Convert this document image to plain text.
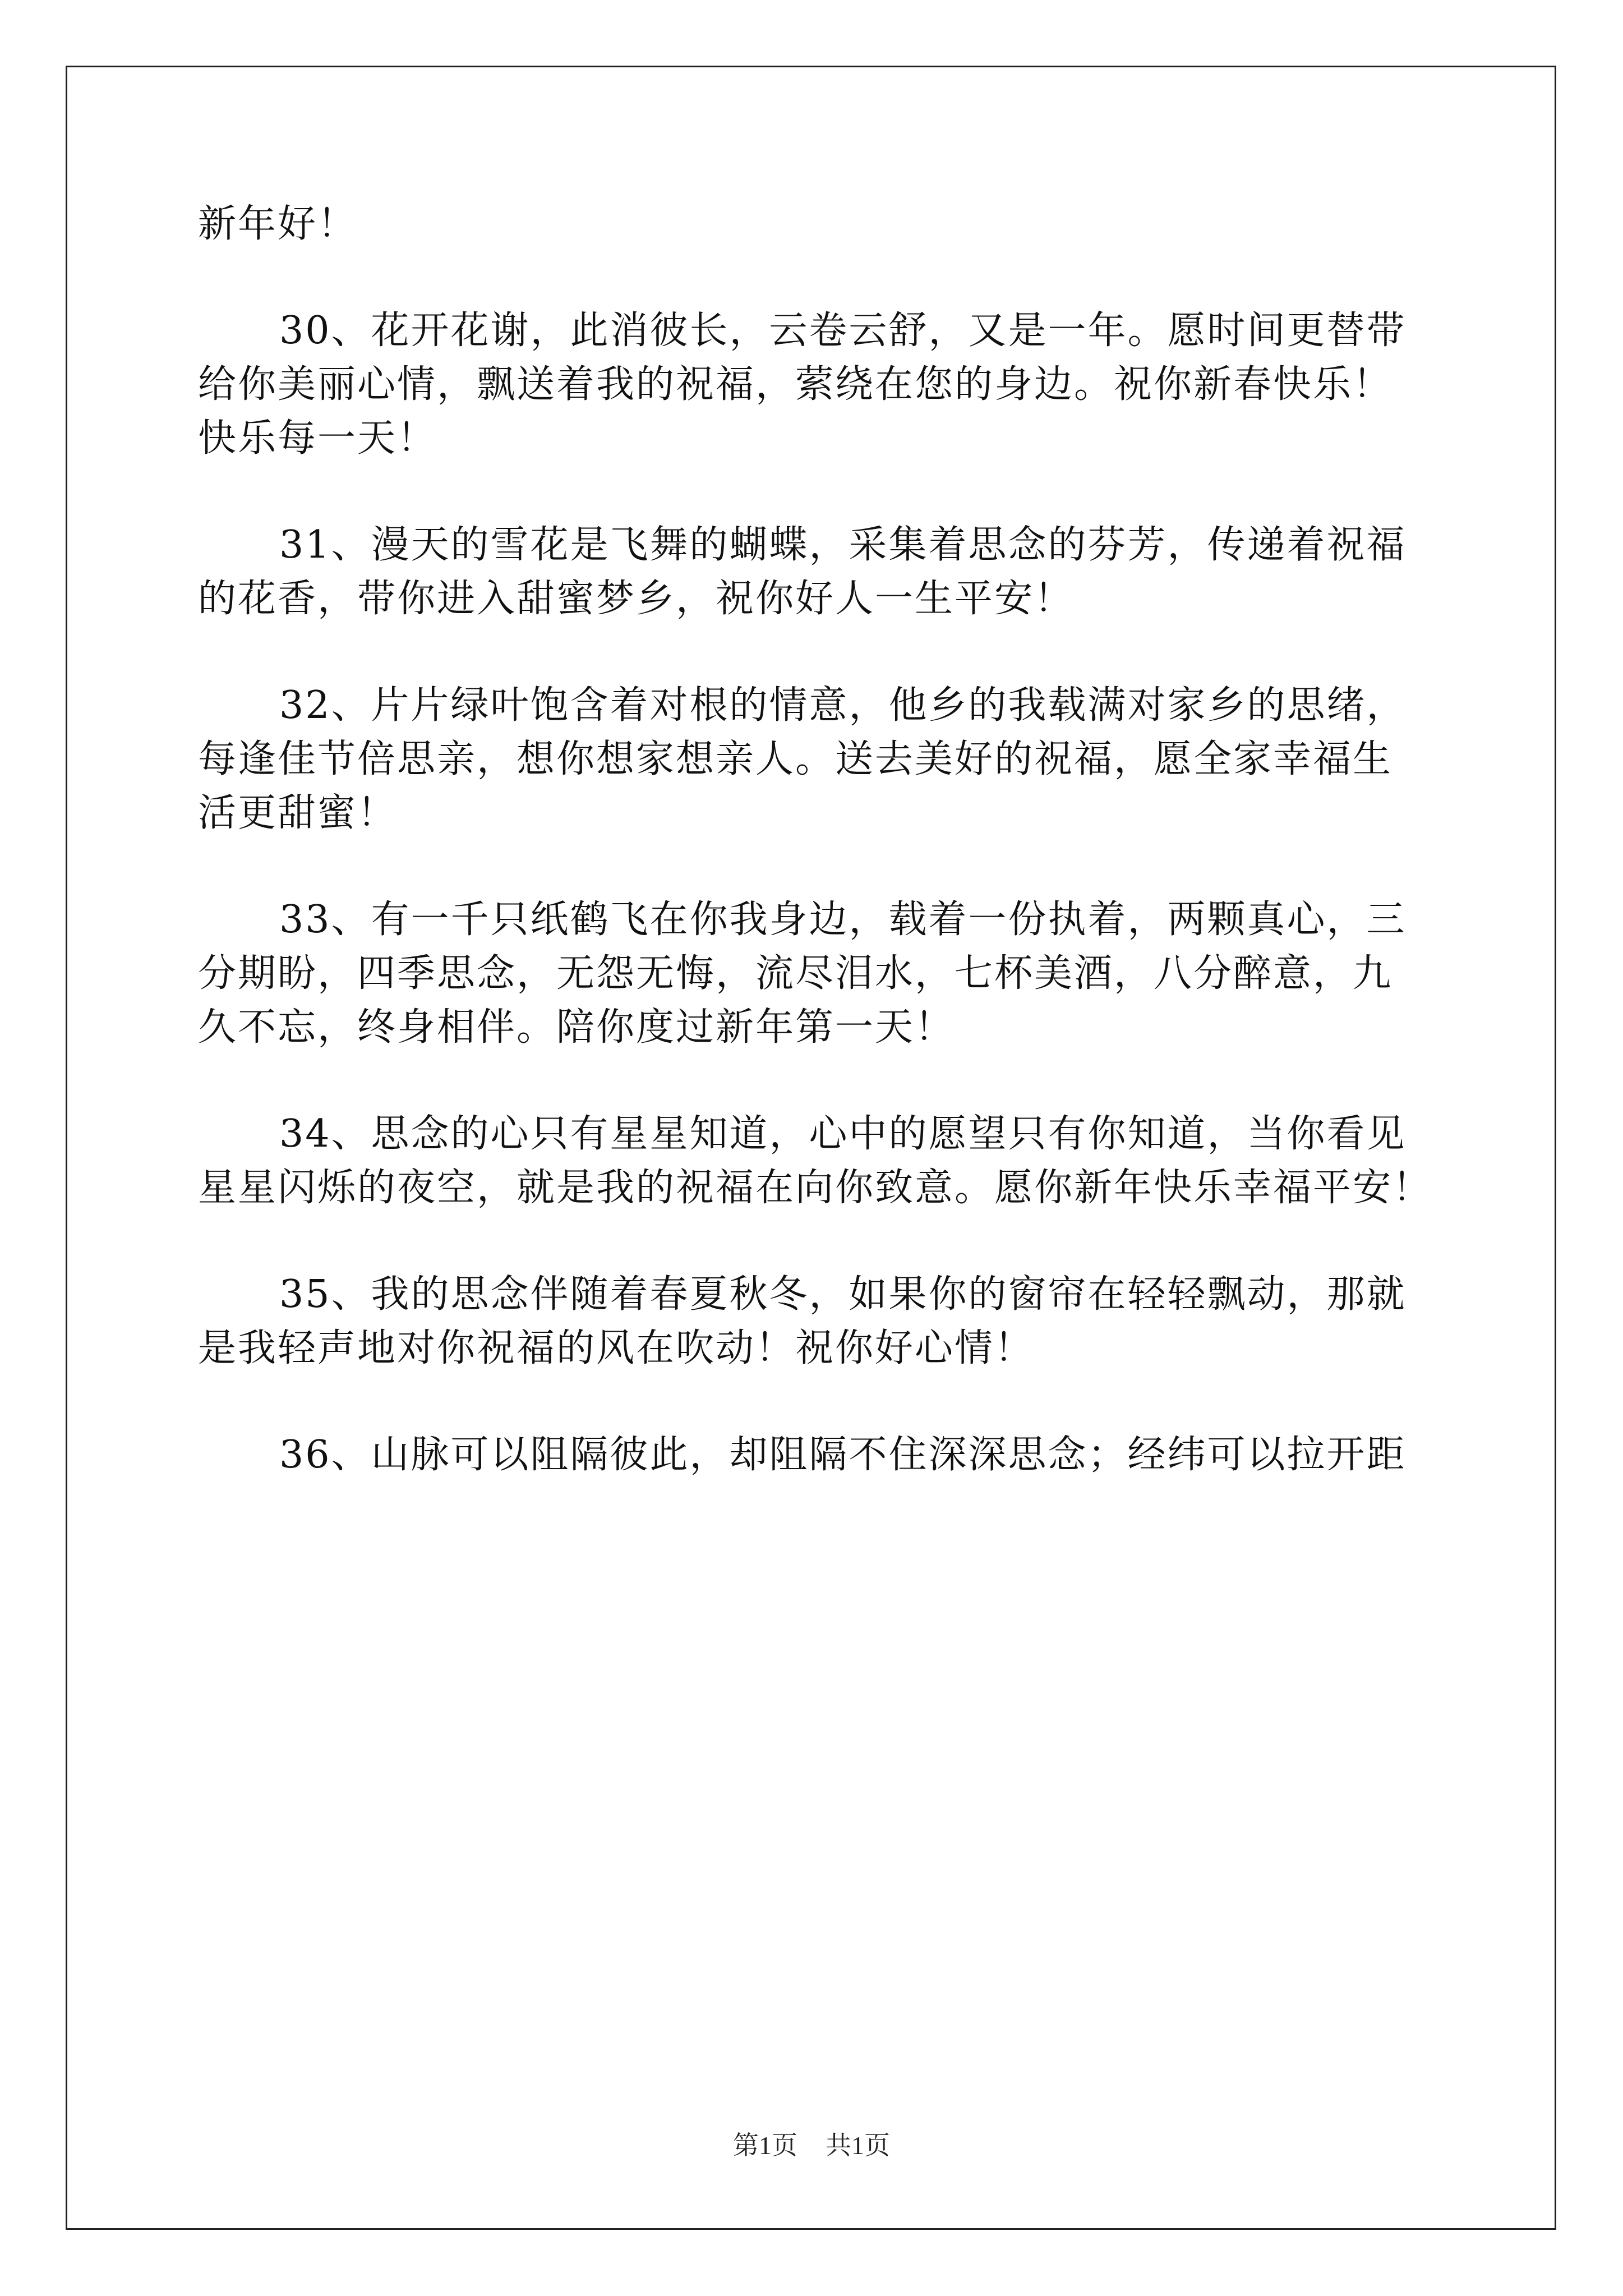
新年好！

30、花开花谢，此消彼长，云卷云舒，又是一年。愿时间更替带

给你美丽心情，飘送着我的祝福，萦绕在您的身边。祝你新春快乐！

快乐每一天！

31、漫天的雪花是飞舞的蝴蝶，采集着思念的芬芳，传递着祝福

的花香，带你进入甜蜜梦乡，祝你好人一生平安！

32、片片绿叶饱含着对根的情意，他乡的我载满对家乡的思绪，

每逢佳节倍思亲，想你想家想亲人。送去美好的祝福，愿全家幸福生

活更甜蜜！

33、有一千只纸鹤飞在你我身边，载着一份执着，两颗真心，三

分期盼，四季思念，无怨无悔，流尽泪水，七杯美酒，八分醉意，九

久不忘，终身相伴。陪你度过新年第一天！

34、思念的心只有星星知道，心中的愿望只有你知道，当你看见

星星闪烁的夜空，就是我的祝福在向你致意。愿你新年快乐幸福平安！

35、我的思念伴随着春夏秋冬，如果你的窗帘在轻轻飘动，那就

是我轻声地对你祝福的风在吹动！祝你好心情！

36、山脉可以阻隔彼此，却阻隔不住深深思念；经纬可以拉开距

第1页 共1页
